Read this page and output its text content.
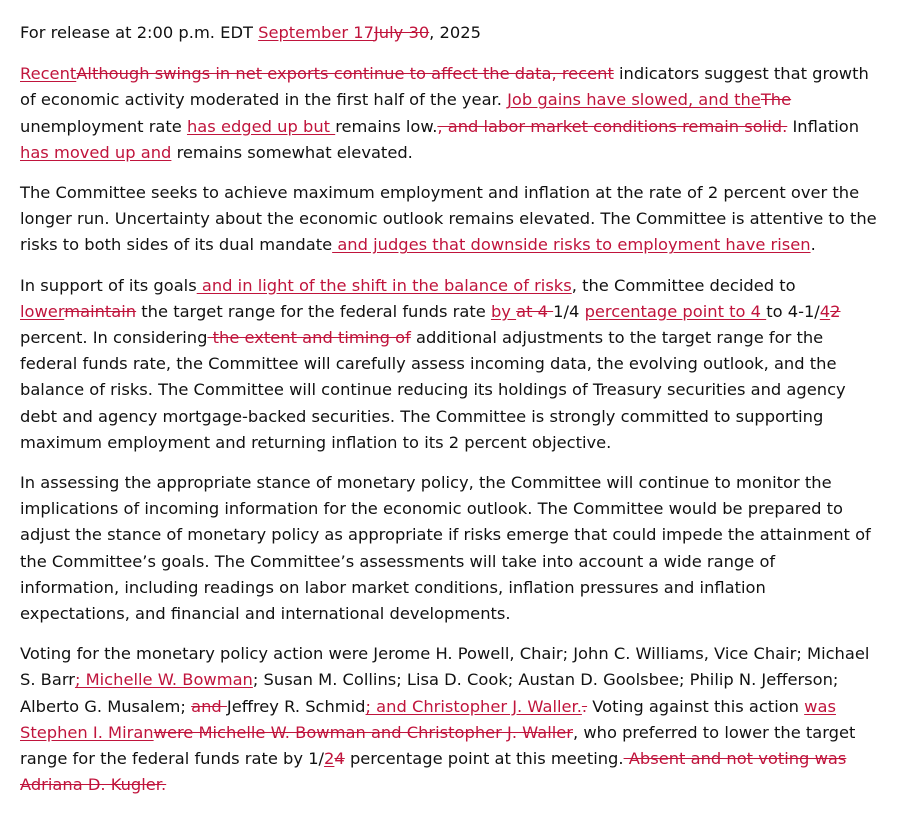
For release at 2:00 p.m. EDT September 17July 30, 2025

RecentAlthough swings in net exports continue to affect the data, recent indicators suggest that growth of economic activity moderated in the first half of the year. Job gains have slowed, and theThe unemployment rate has edged up but remains low., and labor market conditions remain solid. Inflation has moved up and remains somewhat elevated.

The Committee seeks to achieve maximum employment and inflation at the rate of 2 percent over the longer run. Uncertainty about the economic outlook remains elevated. The Committee is attentive to the risks to both sides of its dual mandate and judges that downside risks to employment have risen.

In support of its goals and in light of the shift in the balance of risks, the Committee decided to lowermaintain the target range for the federal funds rate by at 4 1/4 percentage point to 4 to 4-1/42 percent. In considering the extent and timing of additional adjustments to the target range for the federal funds rate, the Committee will carefully assess incoming data, the evolving outlook, and the balance of risks. The Committee will continue reducing its holdings of Treasury securities and agency debt and agency mortgage-backed securities. The Committee is strongly committed to supporting maximum employment and returning inflation to its 2 percent objective.

In assessing the appropriate stance of monetary policy, the Committee will continue to monitor the implications of incoming information for the economic outlook. The Committee would be prepared to adjust the stance of monetary policy as appropriate if risks emerge that could impede the attainment of the Committee’s goals. The Committee’s assessments will take into account a wide range of information, including readings on labor market conditions, inflation pressures and inflation expectations, and financial and international developments.

Voting for the monetary policy action were Jerome H. Powell, Chair; John C. Williams, Vice Chair; Michael S. Barr; Michelle W. Bowman; Susan M. Collins; Lisa D. Cook; Austan D. Goolsbee; Philip N. Jefferson; Alberto G. Musalem; and Jeffrey R. Schmid; and Christopher J. Waller.. Voting against this action was Stephen I. Miranwere Michelle W. Bowman and Christopher J. Waller, who preferred to lower the target range for the federal funds rate by 1/24 percentage point at this meeting. Absent and not voting was Adriana D. Kugler.
